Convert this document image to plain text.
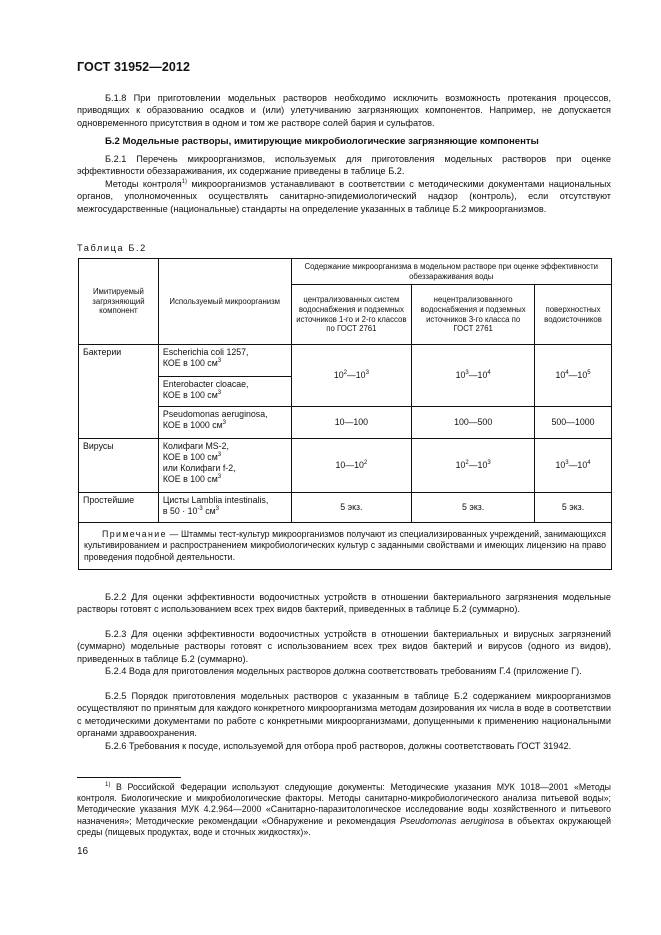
ГОСТ 31952—2012
Б.1.8 При приготовлении модельных растворов необходимо исключить возможность протекания процессов, приводящих к образованию осадков и (или) улетучиванию загрязняющих компонентов. Например, не допускается одновременного присутствия в одном и том же растворе солей бария и сульфатов.
Б.2 Модельные растворы, имитирующие микробиологические загрязняющие компоненты
Б.2.1 Перечень микроорганизмов, используемых для приготовления модельных растворов при оценке эффективности обеззараживания, их содержание приведены в таблице Б.2.
Методы контроля$^{1)}$ микроорганизмов устанавливают в соответствии с методическими документами национальных органов, уполномоченных осуществлять санитарно-эпидемиологический надзор (контроль), если отсутствуют межгосударственные (национальные) стандарты на определение указанных в таблице Б.2 микроорганизмов.
Таблица Б.2
Имитируемый загрязняющий компонент	Используемый микроорганизм	Содержание микроорганизма в модельном растворе при оценке эффективности обеззараживания воды		
		централизованных систем водоснабжения и подземных источников 1-го и 2-го классов по ГОСТ 2761	нецентрализованного водоснабжения и подземных источников 3-го класса по ГОСТ 2761	поверхностных водоисточников
Бактерии	Escherichia coli 1257,
КОЕ в 100 $см^3$	$10^2—10^3$	$10^3—10^4$	$10^4—10^5$
	Enterobacter cloacae,
КОЕ в 100 $см^3$
	Pseudomonas aeruginosa,
КОЕ в 1000 $см^3$	10—100	100—500	500—1000
Вирусы	Колифаги MS-2,
КОЕ в 100 $см^3$
или Колифаги f-2,
КОЕ в 100 $см^3$	$10—10^2$	$10^2—10^3$	$10^3—10^4$
Простейшие	Цисты Lamblia intestinalis,
в $50 \cdot 10^{-3}$ $см^3$	5 экз.	5 экз.	5 экз.
Примечание — Штаммы тест-культур микроорганизмов получают из специализированных учреждений, занимающихся культивированием и распространением микробиологических культур с заданными свойствами и имеющих лицензию на право проведения подобной деятельности.				
Б.2.2 Для оценки эффективности водоочистных устройств в отношении бактериального загрязнения модельные растворы готовят с использованием всех трех видов бактерий, приведенных в таблице Б.2 (суммарно).
Б.2.3 Для оценки эффективности водоочистных устройств в отношении бактериальных и вирусных загрязнений (суммарно) модельные растворы готовят с использованием всех трех видов бактерий и вирусов (одного из видов), приведенных в таблице Б.2 (суммарно).
Б.2.4 Вода для приготовления модельных растворов должна соответствовать требованиям Г.4 (приложение Г).
Б.2.5 Порядок приготовления модельных растворов с указанным в таблице Б.2 содержанием микроорганизмов осуществляют по принятым для каждого конкретного микроорганизма методам дозирования их числа в воде в соответствии с методическими документами по работе с конкретными микроорганизмами, допущенными к применению национальными органами здравоохранения.
Б.2.6 Требования к посуде, используемой для отбора проб растворов, должны соответствовать ГОСТ 31942.
$^{1)}$ В Российской Федерации используют следующие документы: Методические указания МУК 1018—2001 «Методы контроля. Биологические и микробиологические факторы. Методы санитарно-микробиологического анализа питьевой воды»; Методические указания МУК 4.2.964—2000 «Санитарно-паразитологическое исследование воды хозяйственного и питьевого назначения»; Методические рекомендации «Обнаружение и рекомендация Pseudomonas aeruginosa в объектах окружающей среды (пищевых продуктах, воде и сточных жидкостях)».
16
